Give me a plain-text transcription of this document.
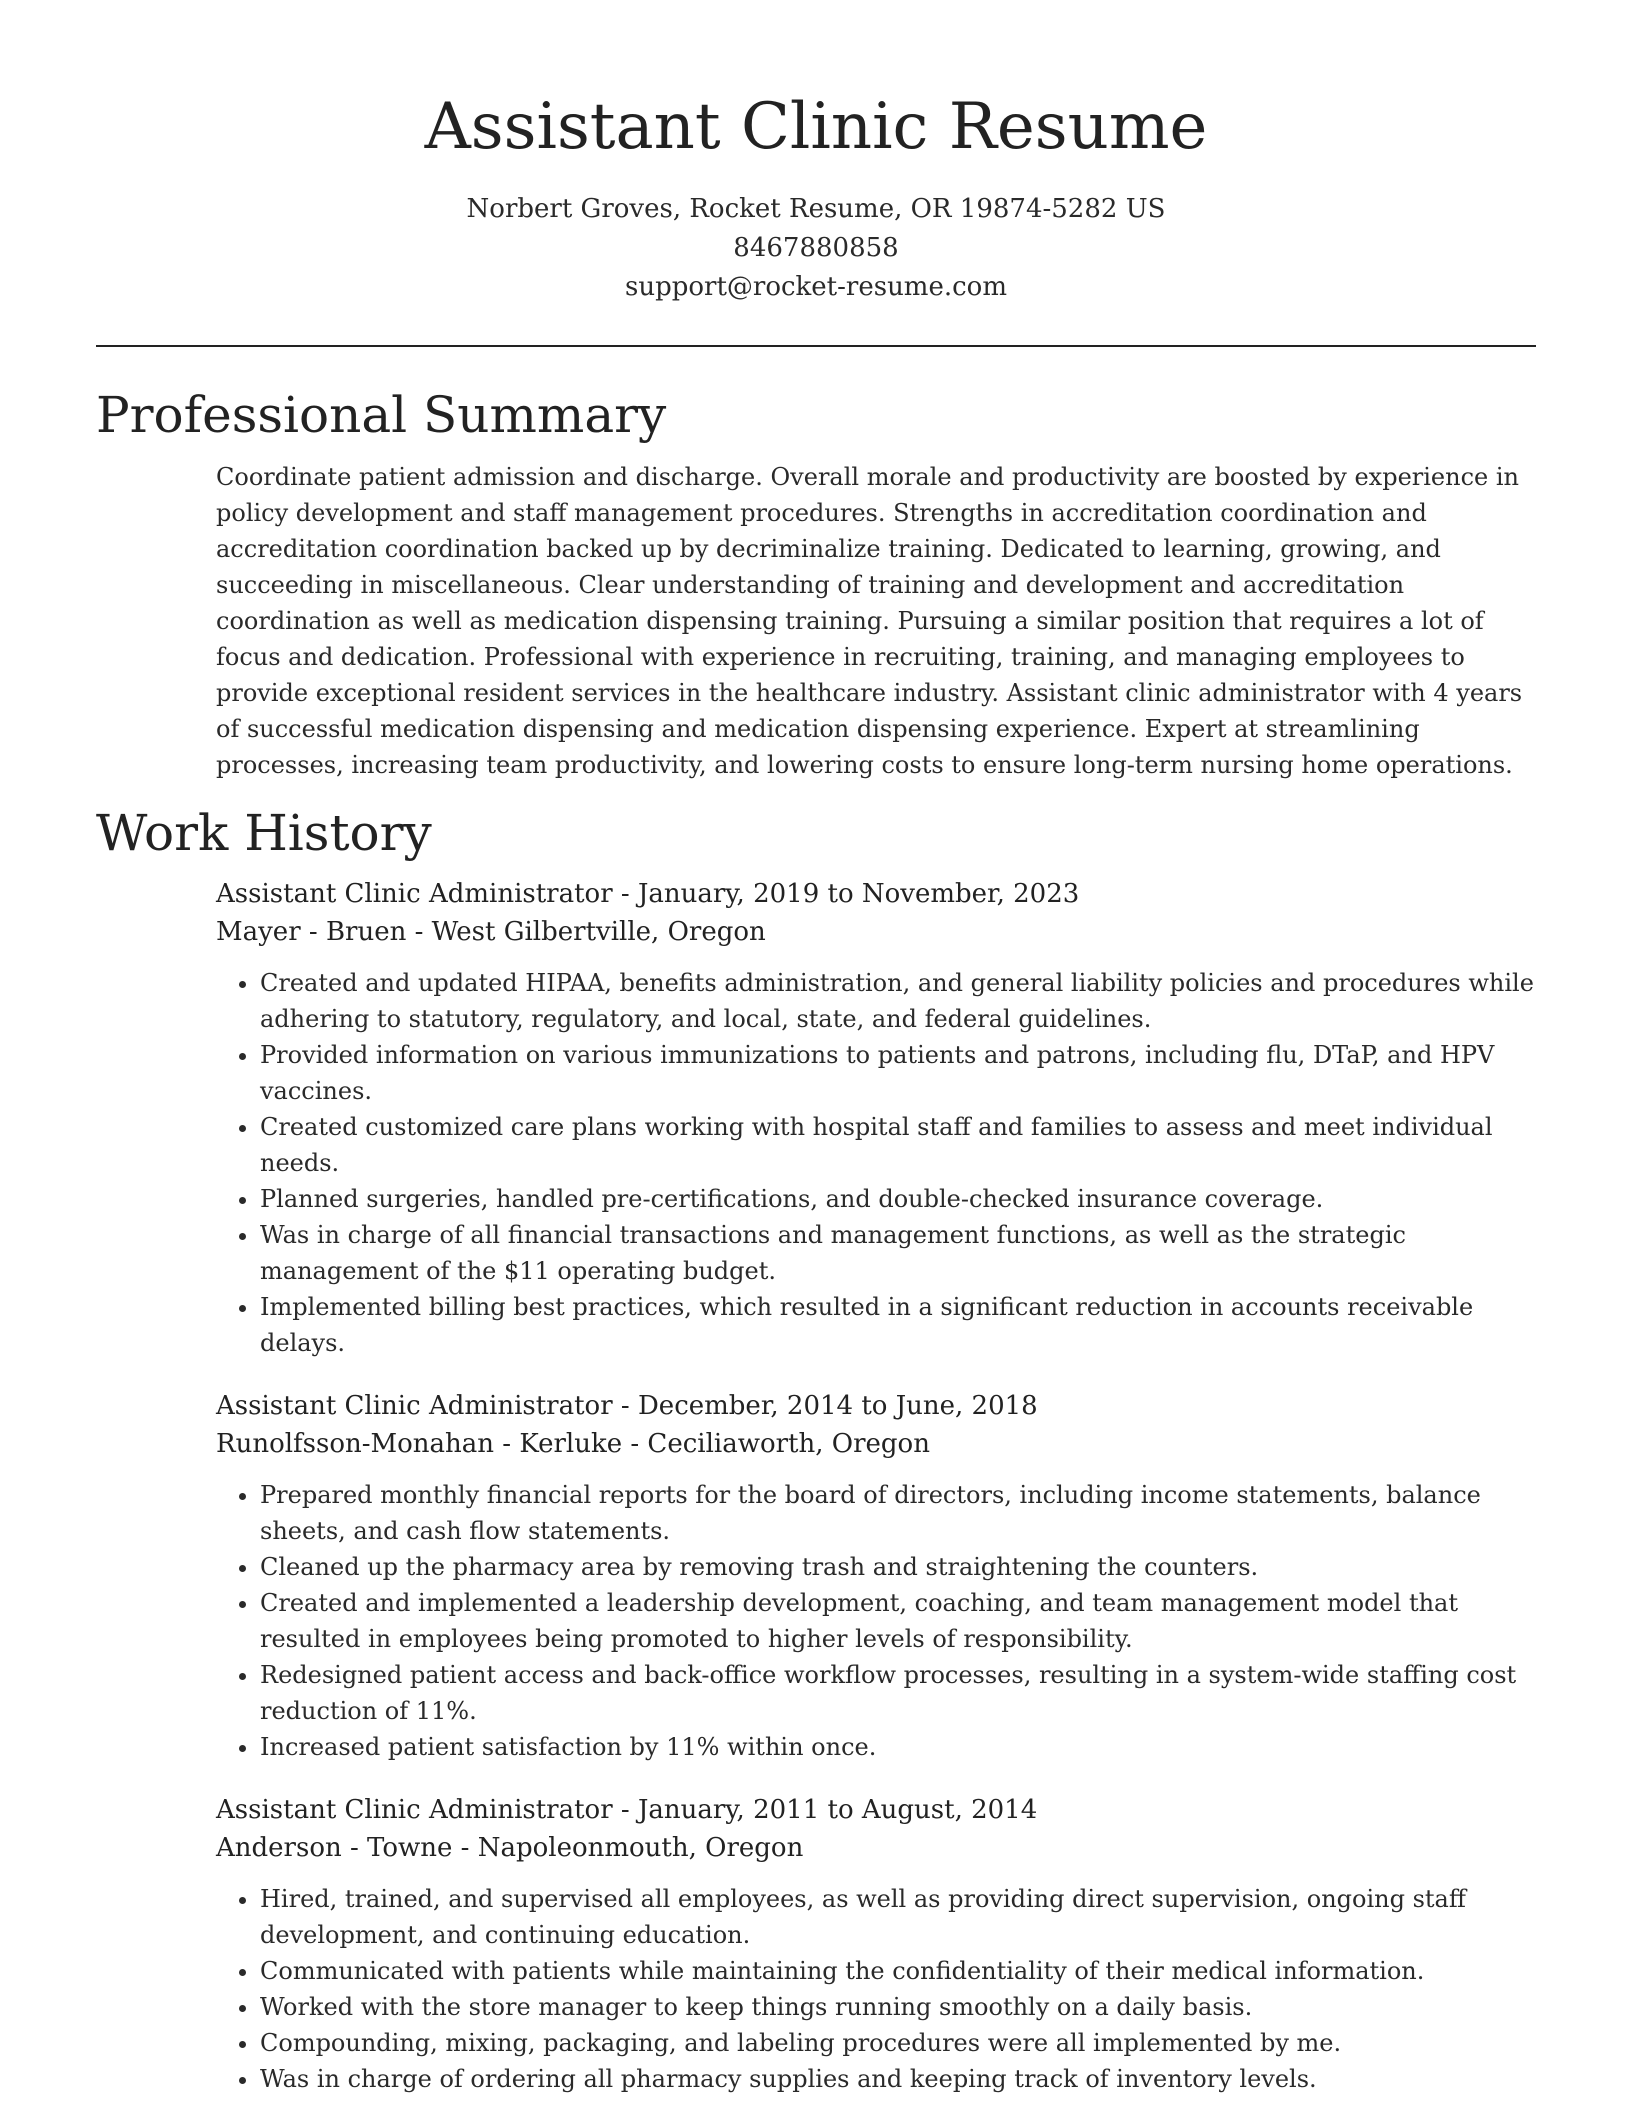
Assistant Clinic Resume
Norbert Groves, Rocket Resume, OR 19874-5282 US
8467880858
support@rocket-resume.com
Professional Summary

Coordinate patient admission and discharge. Overall morale and productivity are boosted by experience in policy development and staff management procedures. Strengths in accreditation coordination and accreditation coordination backed up by decriminalize training. Dedicated to learning, growing, and succeeding in miscellaneous. Clear understanding of training and development and accreditation coordination as well as medication dispensing training. Pursuing a similar position that requires a lot of focus and dedication. Professional with experience in recruiting, training, and managing employees to provide exceptional resident services in the healthcare industry. Assistant clinic administrator with 4 years of successful medication dispensing and medication dispensing experience. Expert at streamlining processes, increasing team productivity, and lowering costs to ensure long-term nursing home operations.

Work History
Assistant Clinic Administrator - January, 2019 to November, 2023
Mayer - Bruen - West Gilbertville, Oregon
• Created and updated HIPAA, benefits administration, and general liability policies and procedures while adhering to statutory, regulatory, and local, state, and federal guidelines.
• Provided information on various immunizations to patients and patrons, including flu, DTaP, and HPV vaccines.
• Created customized care plans working with hospital staff and families to assess and meet individual needs.
• Planned surgeries, handled pre-certifications, and double-checked insurance coverage.
• Was in charge of all financial transactions and management functions, as well as the strategic management of the $11 operating budget.
• Implemented billing best practices, which resulted in a significant reduction in accounts receivable delays.
Assistant Clinic Administrator - December, 2014 to June, 2018
Runolfsson-Monahan - Kerluke - Ceciliaworth, Oregon
• Prepared monthly financial reports for the board of directors, including income statements, balance sheets, and cash flow statements.
• Cleaned up the pharmacy area by removing trash and straightening the counters.
• Created and implemented a leadership development, coaching, and team management model that resulted in employees being promoted to higher levels of responsibility.
• Redesigned patient access and back-office workflow processes, resulting in a system-wide staffing cost reduction of 11%.
• Increased patient satisfaction by 11% within once.
Assistant Clinic Administrator - January, 2011 to August, 2014
Anderson - Towne - Napoleonmouth, Oregon
• Hired, trained, and supervised all employees, as well as providing direct supervision, ongoing staff development, and continuing education.
• Communicated with patients while maintaining the confidentiality of their medical information.
• Worked with the store manager to keep things running smoothly on a daily basis.
• Compounding, mixing, packaging, and labeling procedures were all implemented by me.
• Was in charge of ordering all pharmacy supplies and keeping track of inventory levels.
